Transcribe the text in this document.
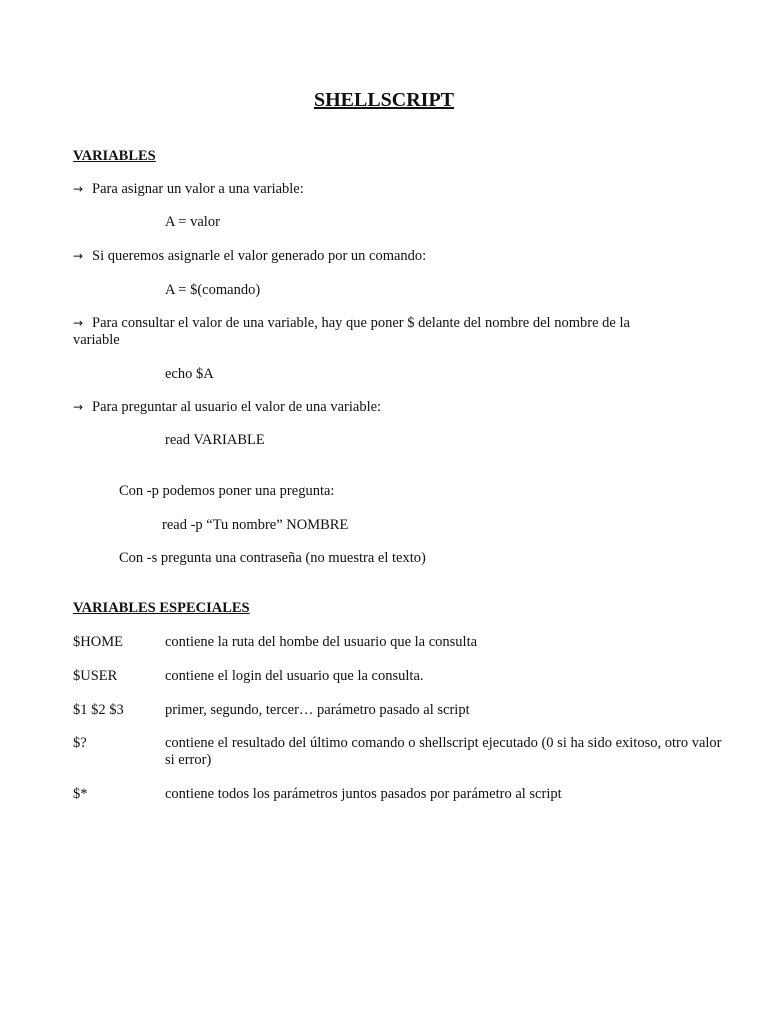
SHELLSCRIPT
VARIABLES
→ Para asignar un valor a una variable:
A = valor
→ Si queremos asignarle el valor generado por un comando:
A = $(comando)
→ Para consultar el valor de una variable, hay que poner $ delante del nombre del nombre de la
variable
echo $A
→ Para preguntar al usuario el valor de una variable:
read VARIABLE
Con -p podemos poner una pregunta:
read -p “Tu nombre” NOMBRE
Con -s pregunta una contraseña (no muestra el texto)
VARIABLES ESPECIALES
$HOME	contiene la ruta del hombe del usuario que la consulta
$USER	contiene el login del usuario que la consulta.
$1 $2 $3	primer, segundo, tercer… parámetro pasado al script
$?	contiene el resultado del último comando o shellscript ejecutado (0 si ha sido exitoso, otro valor si error)
$*	contiene todos los parámetros juntos pasados por parámetro al script
